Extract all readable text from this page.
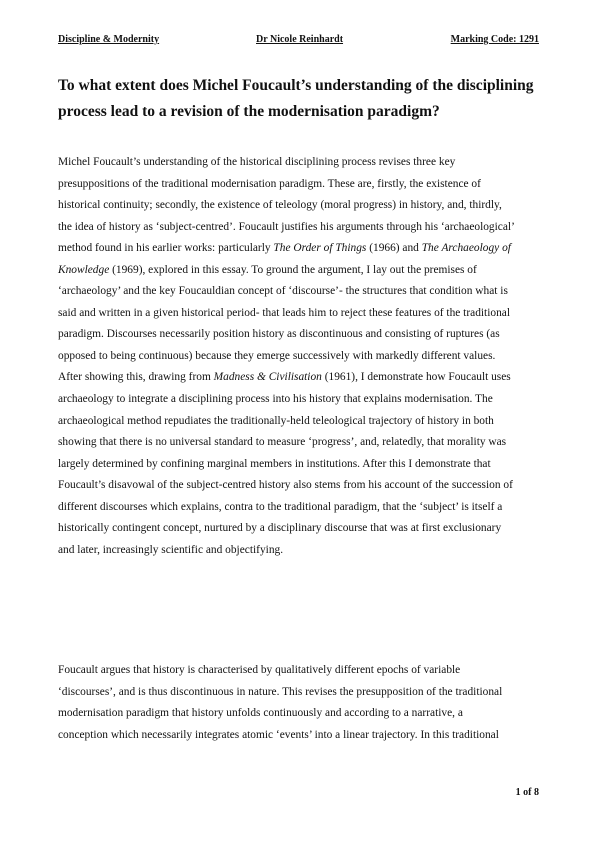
Discipline & Modernity	Dr Nicole Reinhardt	Marking Code: 1291
To what extent does Michel Foucault’s understanding of the disciplining
process lead to a revision of the modernisation paradigm?
Michel Foucault’s understanding of the historical disciplining process revises three key
presuppositions of the traditional modernisation paradigm. These are, firstly, the existence of
historical continuity; secondly, the existence of teleology (moral progress) in history, and, thirdly,
the idea of history as ‘subject-centred’. Foucault justifies his arguments through his ‘archaeological’
method found in his earlier works: particularly The Order of Things (1966) and The Archaeology of
Knowledge (1969), explored in this essay. To ground the argument, I lay out the premises of
‘archaeology’ and the key Foucauldian concept of ‘discourse’- the structures that condition what is
said and written in a given historical period- that leads him to reject these features of the traditional
paradigm. Discourses necessarily position history as discontinuous and consisting of ruptures (as
opposed to being continuous) because they emerge successively with markedly different values.
After showing this, drawing from Madness & Civilisation (1961), I demonstrate how Foucault uses
archaeology to integrate a disciplining process into his history that explains modernisation. The
archaeological method repudiates the traditionally-held teleological trajectory of history in both
showing that there is no universal standard to measure ‘progress’, and, relatedly, that morality was
largely determined by confining marginal members in institutions. After this I demonstrate that
Foucault’s disavowal of the subject-centred history also stems from his account of the succession of
different discourses which explains, contra to the traditional paradigm, that the ‘subject’ is itself a
historically contingent concept, nurtured by a disciplinary discourse that was at first exclusionary
and later, increasingly scientific and objectifying.
Foucault argues that history is characterised by qualitatively different epochs of variable
‘discourses’, and is thus discontinuous in nature. This revises the presupposition of the traditional
modernisation paradigm that history unfolds continuously and according to a narrative, a
conception which necessarily integrates atomic ‘events’ into a linear trajectory. In this traditional
1 of 8
